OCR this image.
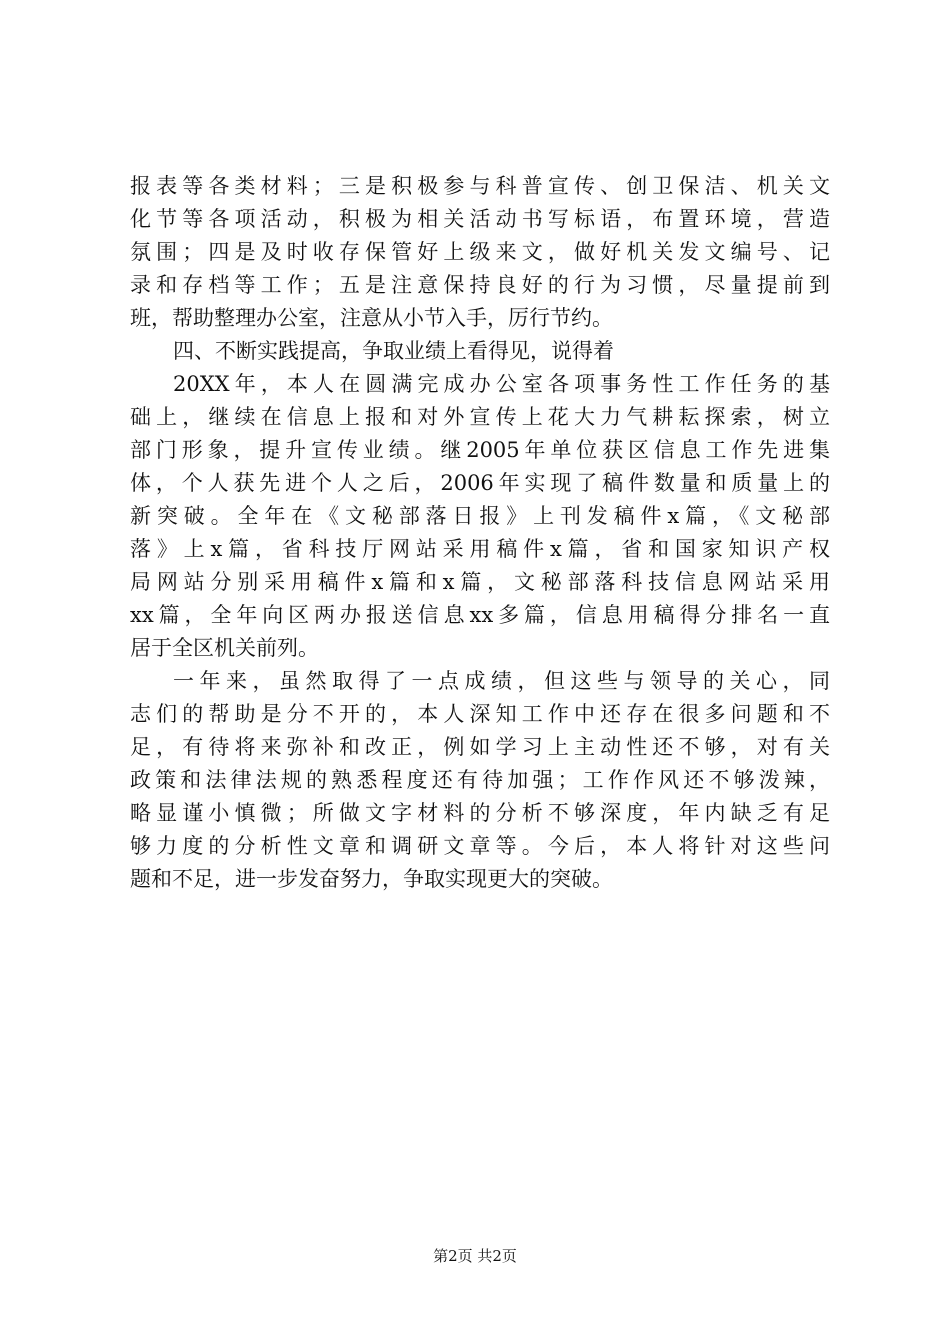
报表等各类材料；三是积极参与科普宣传、创卫保洁、机关文
化节等各项活动，积极为相关活动书写标语，布置环境，营造
氛围；四是及时收存保管好上级来文，做好机关发文编号、记
录和存档等工作；五是注意保持良好的行为习惯，尽量提前到
班，帮助整理办公室，注意从小节入手，厉行节约。
四、不断实践提高，争取业绩上看得见，说得着
20XX年，本人在圆满完成办公室各项事务性工作任务的基
础上，继续在信息上报和对外宣传上花大力气耕耘探索，树立
部门形象，提升宣传业绩。继2005年单位获区信息工作先进集
体，个人获先进个人之后，2006年实现了稿件数量和质量上的
新突破。全年在《文秘部落日报》上刊发稿件x篇，《文秘部
落》上x篇，省科技厅网站采用稿件x篇，省和国家知识产权
局网站分别采用稿件x篇和x篇，文秘部落科技信息网站采用
xx篇，全年向区两办报送信息xx多篇，信息用稿得分排名一直
居于全区机关前列。
一年来，虽然取得了一点成绩，但这些与领导的关心，同
志们的帮助是分不开的，本人深知工作中还存在很多问题和不
足，有待将来弥补和改正，例如学习上主动性还不够，对有关
政策和法律法规的熟悉程度还有待加强；工作作风还不够泼辣，
略显谨小慎微；所做文字材料的分析不够深度，年内缺乏有足
够力度的分析性文章和调研文章等。今后，本人将针对这些问
题和不足，进一步发奋努力，争取实现更大的突破。
第2页 共2页
